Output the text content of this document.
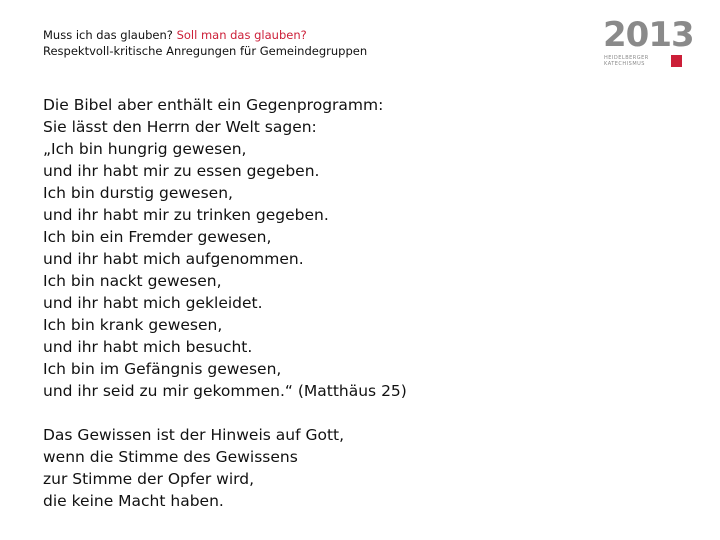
Muss ich das glauben? Soll man das glauben?
Respektvoll-kritische Anregungen für Gemeindegruppen	2013
HEIDELBERGER
KATECHISMUS
Die Bibel aber enthält ein Gegenprogramm:
Sie lässt den Herrn der Welt sagen:
„Ich bin hungrig gewesen,
und ihr habt mir zu essen gegeben.
Ich bin durstig gewesen,
und ihr habt mir zu trinken gegeben.
Ich bin ein Fremder gewesen,
und ihr habt mich aufgenommen.
Ich bin nackt gewesen,
und ihr habt mich gekleidet.
Ich bin krank gewesen,
und ihr habt mich besucht.
Ich bin im Gefängnis gewesen,
und ihr seid zu mir gekommen.“ (Matthäus 25)
Das Gewissen ist der Hinweis auf Gott,
wenn die Stimme des Gewissens
zur Stimme der Opfer wird,
die keine Macht haben.
